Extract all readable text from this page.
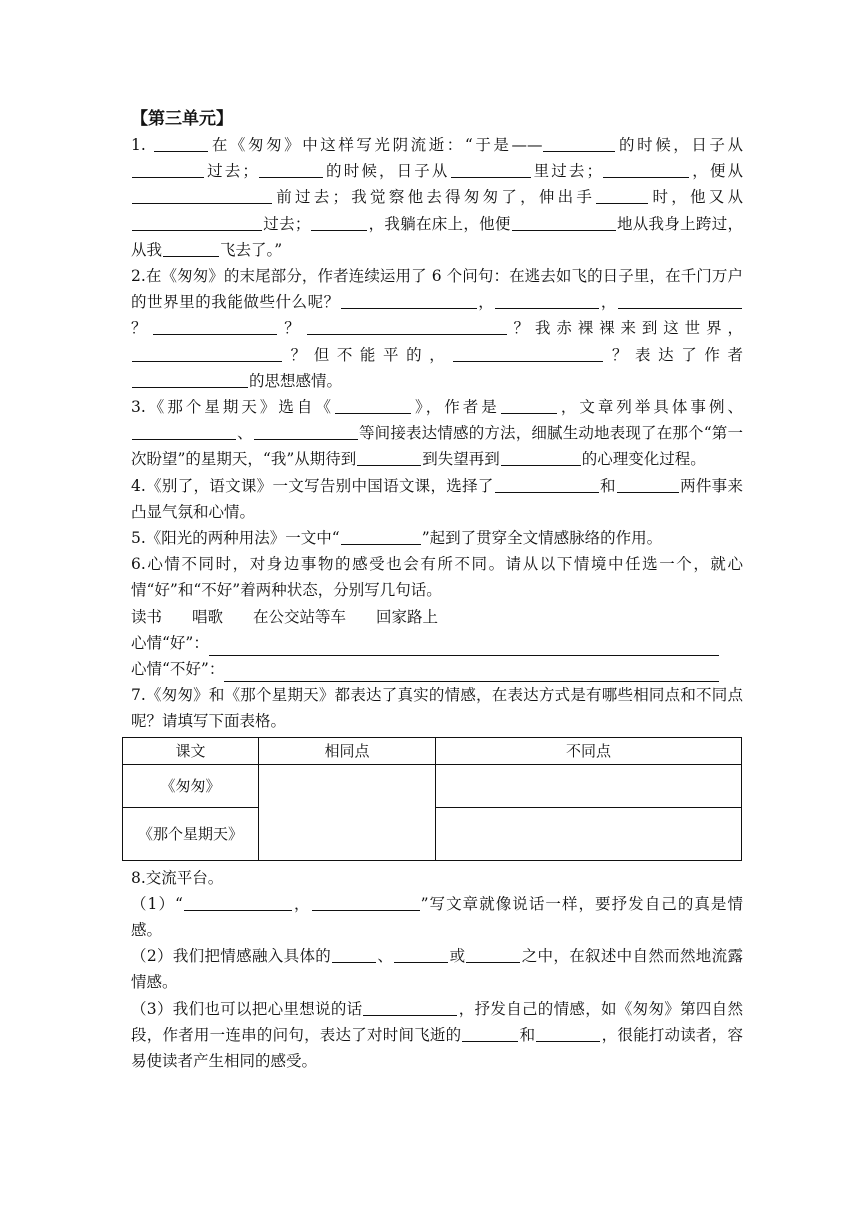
【第三单元】
1.	在《匆匆》中这样写光阴流逝：“于是——	的时候，日子从过去；	的时候，日子从	里过去；	，便从前过去；我觉察他去得匆匆了，伸出手	时，他又从过去；	，我躺在床上，他便	地从我身上跨过，从我	飞去了。”
2.在《匆匆》的末尾部分，作者连续运用了 6 个问句：在逃去如飞的日子里，在千门万户的世界里的我能做些什么呢？	，	，？	？	？我赤裸裸来到这世界，？但不能平的，	？表达了作者的思想感情。
3.《那个星期天》选自《	》，作者是	，文章列举具体事例、、	等间接表达情感的方法，细腻生动地表现了在那个“第一次盼望”的星期天，“我”从期待到	到失望再到	的心理变化过程。
4.《别了，语文课》一文写告别中国语文课，选择了	和	两件事来凸显气氛和心情。
5.《阳光的两种用法》一文中“	”起到了贯穿全文情感脉络的作用。
6.心情不同时，对身边事物的感受也会有所不同。请从以下情境中任选一个，就心情“好”和“不好”着两种状态，分别写几句话。
读书 唱歌 在公交站等车 回家路上
心情“好”：
心情“不好”：
7.《匆匆》和《那个星期天》都表达了真实的情感，在表达方式是有哪些相同点和不同点呢？请填写下面表格。
课文	相同点	不同点
《匆匆》		
《那个星期天》		
8.交流平台。
（1）“	，	”写文章就像说话一样，要抒发自己的真是情感。
（2）我们把情感融入具体的	、	或	之中，在叙述中自然而然地流露情感。
（3）我们也可以把心里想说的话	，抒发自己的情感，如《匆匆》第四自然段，作者用一连串的问句，表达了对时间飞逝的	和	，很能打动读者，容易使读者产生相同的感受。
